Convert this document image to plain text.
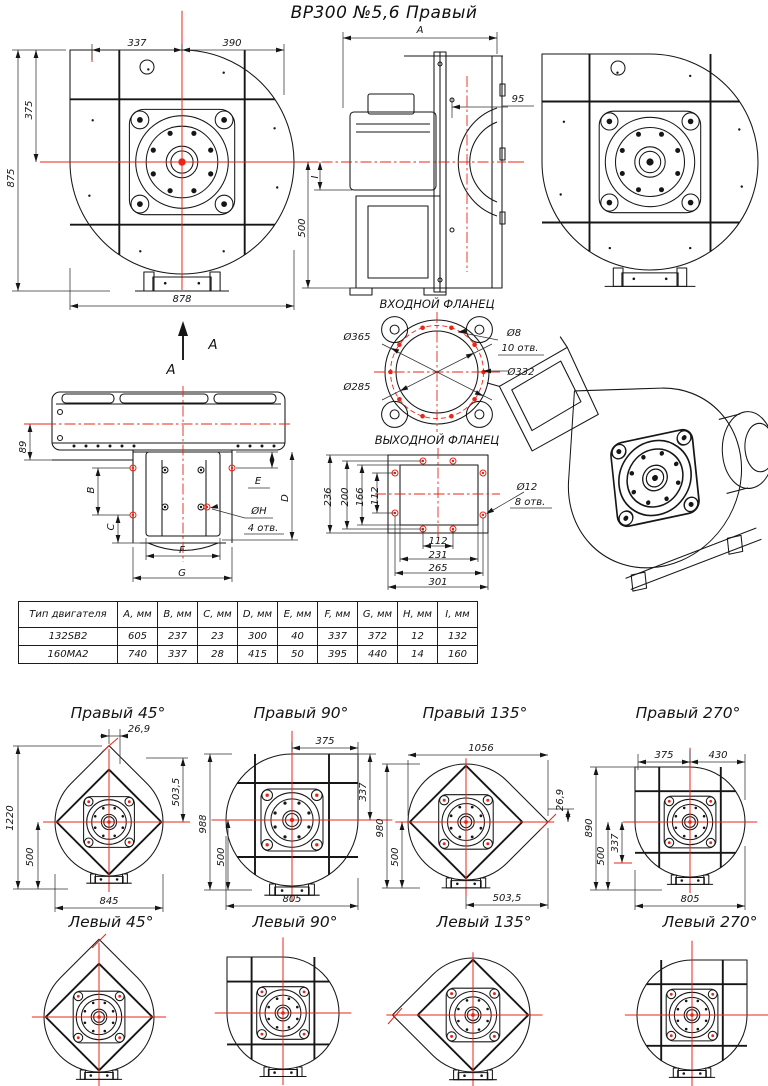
ВР300 №5,6 Правый
337	390
375
875
878
A
95
I
500
A
А
89
B
C
E
D
ØH
4 отв.
F
G
ВХОДНОЙ ФЛАНЕЦ
Ø365	Ø8
10 отв.
Ø332
Ø285
ВЫХОДНОЙ ФЛАНЕЦ
236 200 166 112	Ø12
8 отв.
112
231
265
301
Правый 45°
26,9
503,5
1220
500
845
Правый 90°
375
337
988
500
805
Правый 135°
1056
26,9
980
500
503,5
Правый 270°
375	430
890
500
337
805
Левый 45°	Левый 90°	Левый 135°	Левый 270°
Тип двигателя	A, мм	B, мм	C, мм	D, мм	E, мм	F, мм	G, мм	H, мм	I, мм
132SB2	605	237	23	300	40	337	372	12	132
160MA2	740	337	28	415	50	395	440	14	160
